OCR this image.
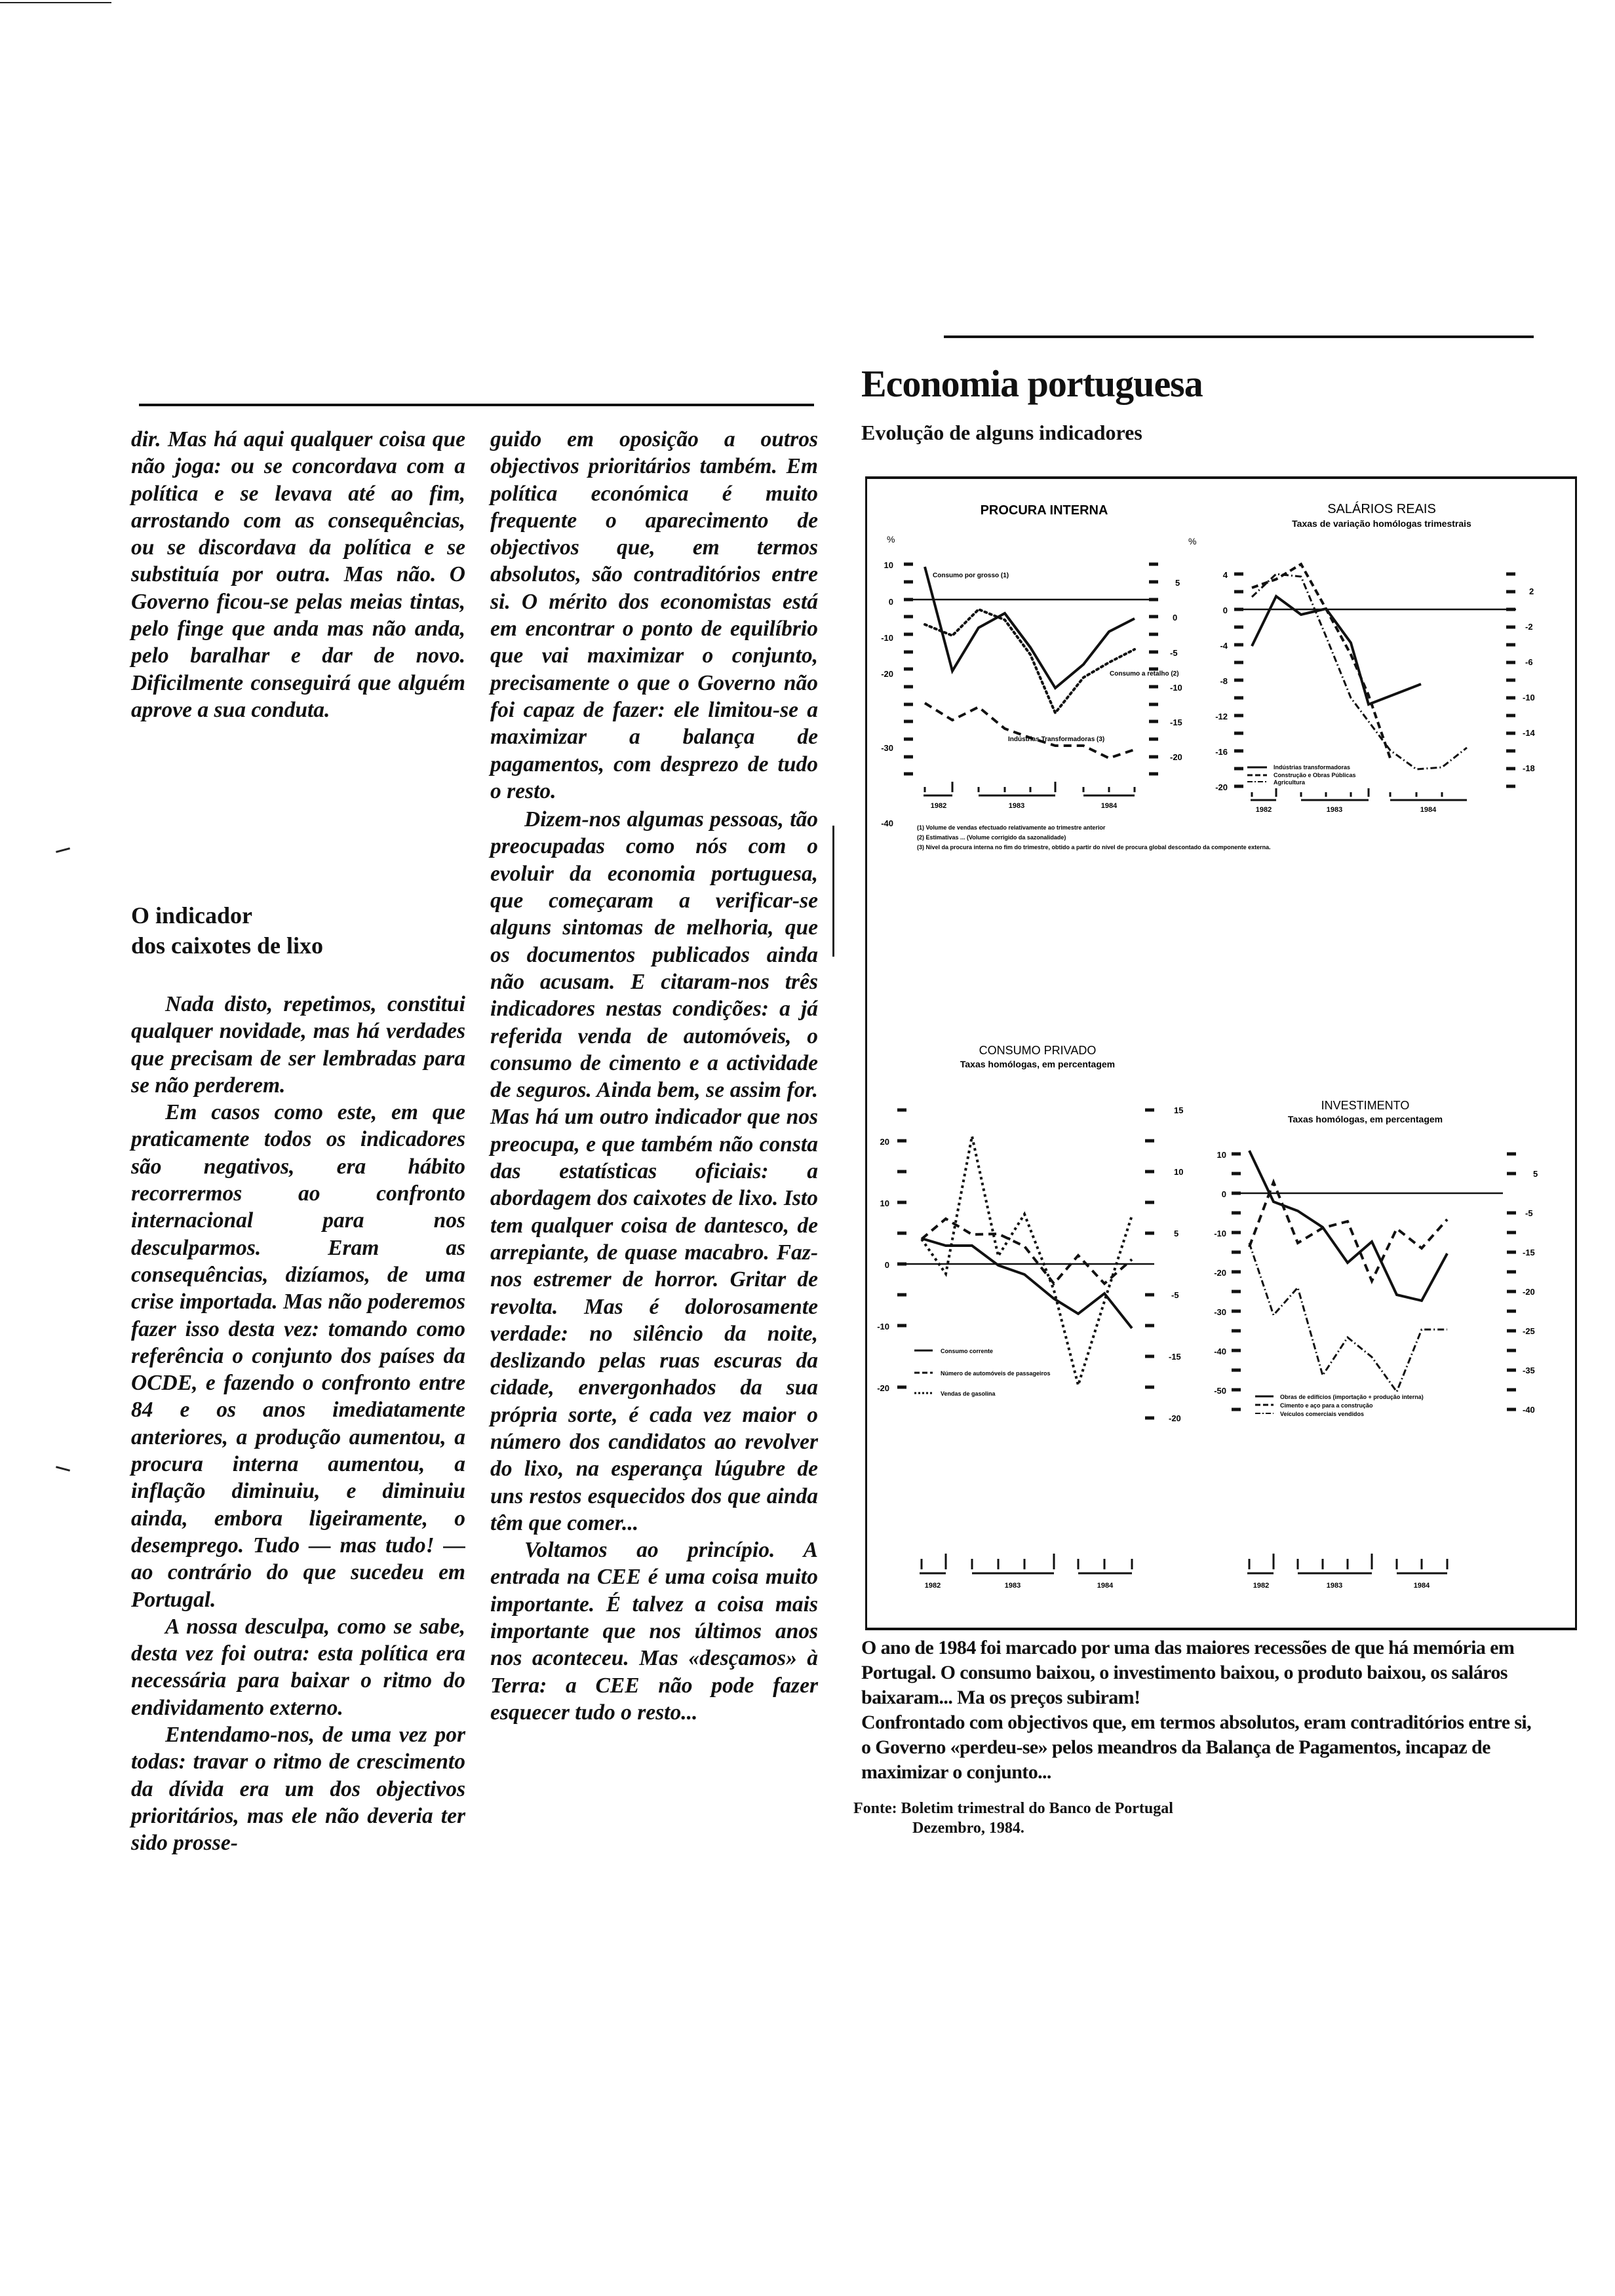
dir. Mas há aqui qualquer coisa que não joga: ou se concordava com a política e se levava até ao fim, arrostando com as consequências, ou se discordava da política e se substituía por outra. Mas não. O Governo ficou-se pelas meias tintas, pelo finge que anda mas não anda, pelo baralhar e dar de novo. Dificilmente conseguirá que alguém aprove a sua conduta.

O indicador
dos caixotes de lixo

Nada disto, repetimos, constitui qualquer novidade, mas há verdades que precisam de ser lembradas para se não perderem.

Em casos como este, em que praticamente todos os indicadores são negativos, era hábito recorrermos ao confronto internacional para nos desculparmos. Eram as consequências, dizíamos, de uma crise importada. Mas não poderemos fazer isso desta vez: tomando como referência o conjunto dos países da OCDE, e fazendo o confronto entre 84 e os anos imediatamente anteriores, a produção aumentou, a procura interna aumentou, a inflação diminuiu, e diminuiu ainda, embora ligeiramente, o desemprego. Tudo — mas tudo! — ao contrário do que sucedeu em Portugal.

A nossa desculpa, como se sabe, desta vez foi outra: esta política era necessária para baixar o ritmo do endividamento externo.

Entendamo-nos, de uma vez por todas: travar o ritmo de crescimento da dívida era um dos objectivos prioritários, mas ele não deveria ter sido prosse-

guido em oposição a outros objectivos prioritários também. Em política económica é muito frequente o aparecimento de objectivos que, em termos absolutos, são contraditórios entre si. O mérito dos economistas está em encontrar o ponto de equilíbrio que vai maximizar o conjunto, precisamente o que o Governo não foi capaz de fazer: ele limitou-se a maximizar a balança de pagamentos, com desprezo de tudo o resto.

Dizem-nos algumas pessoas, tão preocupadas como nós com o evoluir da economia portuguesa, que começaram a verificar-se alguns sintomas de melhoria, que os documentos publicados ainda não acusam. E citaram-nos três indicadores nestas condições: a já referida venda de automóveis, o consumo de cimento e a actividade de seguros. Ainda bem, se assim for. Mas há um outro indicador que nos preocupa, e que também não consta das estatísticas oficiais: a abordagem dos caixotes de lixo. Isto tem qualquer coisa de dantesco, de arrepiante, de quase macabro. Faz-nos estremer de horror. Gritar de revolta. Mas é dolorosamente verdade: no silêncio da noite, deslizando pelas ruas escuras da cidade, envergonhados da sua própria sorte, é cada vez maior o número dos candidatos ao revolver do lixo, na esperança lúgubre de uns restos esquecidos dos que ainda têm que comer...

Voltamos ao princípio. A entrada na CEE é uma coisa muito importante. É talvez a coisa mais importante que nos últimos anos nos aconteceu. Mas «desçamos» à Terra: a CEE não pode fazer esquecer tudo o resto...

Economia portuguesa
Evolução de alguns indicadores
PROCURA INTERNA
%	%
10
0
-10
-20
-30
-40
5
0
-5
-10
-15
-20
Consumo por grosso (1)
Consumo a retalho (2)
Indústrias Transformadoras (3)
1982	1983	1984
(1) Volume de vendas efectuado relativamente ao trimestre anterior
(2) Estimativas ... (Volume corrigido da sazonalidade)
(3) Nível da procura interna no fim do trimestre, obtido a partir do nível de procura global descontado da componente externa.
SALÁRIOS REAIS
Taxas de variação homólogas trimestrais
4
0
-4
-8
-12
-16
-20
2
-2
-6
-10
-14
-18
Indústrias transformadoras
Construção e Obras Públicas
Agricultura
1982	1983	1984
CONSUMO PRIVADO
Taxas homólogas, em percentagem
20
10
0
-10
-20
15
10
5
-5
-15
-20
Consumo corrente
Número de automóveis de passageiros
Vendas de gasolina
1982	1983	1984
INVESTIMENTO
Taxas homólogas, em percentagem
10
0
-10
-20
-30
-40
-50
5
-5
-15
-20
-25
-35
-40
Obras de edifícios (importação + produção interna)
Cimento e aço para a construção
Veículos comerciais vendidos
1982	1983	1984

O ano de 1984 foi marcado por uma das maiores recessões de que há memória em Portugal. O consumo baixou, o investimento baixou, o produto baixou, os saláros baixaram... Ma os preços subiram!

Confrontado com objectivos que, em termos absolutos, eram contraditórios entre si, o Governo «perdeu-se» pelos meandros da Balança de Pagamentos, incapaz de maximizar o conjunto...

Fonte: Boletim trimestral do Banco de Portugal
Dezembro, 1984.
